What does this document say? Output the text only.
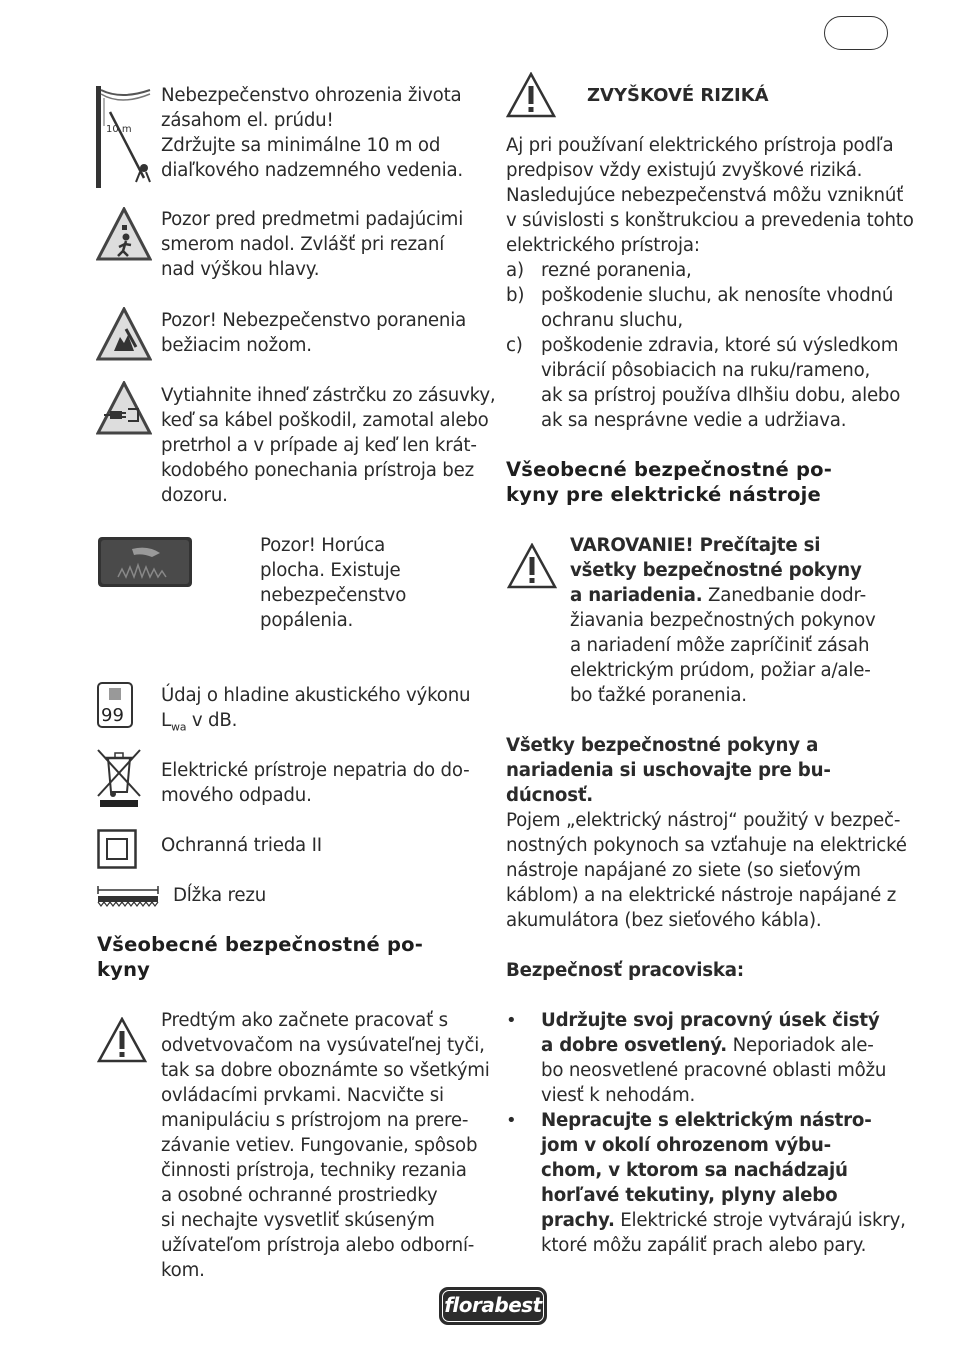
10 m
Nebezpečenstvo ohrozenia života
zásahom el. prúdu!
Zdržujte sa minimálne 10 m od
diaľkového nadzemného vedenia.
Pozor pred predmetmi padajúcimi
smerom nadol. Zvlášť pri rezaní
nad výškou hlavy.
Pozor! Nebezpečenstvo poranenia
bežiacim nožom.
Vytiahnite ihneď zástrčku zo zásuvky,
keď sa kábel poškodil, zamotal alebo
pretrhol a v prípade aj keď len krát-
kodobého ponechania prístroja bez
dozoru.
Pozor! Horúca
plocha. Existuje
nebezpečenstvo
popálenia.
99
Údaj o hladine akustického výkonu
$L_{wa}$ v dB.
Elektrické prístroje nepatria do do-
mového odpadu.
Ochranná trieda II
Dĺžka rezu
Všeobecné bezpečnostné po-
kyny
Predtým ako začnete pracovať s
odvetvovačom na vysúvateľnej tyči,
tak sa dobre oboznámte so všetkými
ovládacími prvkami. Nacvičte si
manipuláciu s prístrojom na prere-
závanie vetiev. Fungovanie, spôsob
činnosti prístroja, techniky rezania
a osobné ochranné prostriedky
si nechajte vysvetliť skúseným
užívateľom prístroja alebo odborní-
kom.
ZVYŠKOVÉ RIZIKÁ
Aj pri používaní elektrického prístroja podľa
predpisov vždy existujú zvyškové riziká.
Nasledujúce nebezpečenstvá môžu vzniknúť
v súvislosti s konštrukciou a prevedenia tohto
elektrického prístroja:
a) rezné poranenia,
b) poškodenie sluchu, ak nenosíte vhodnú
ochranu sluchu,
c) poškodenie zdravia, ktoré sú výsledkom
vibrácií pôsobiacich na ruku/rameno,
ak sa prístroj používa dlhšiu dobu, alebo
ak sa nesprávne vedie a udržiava.
Všeobecné bezpečnostné po-
kyny pre elektrické nástroje
VAROVANIE! Prečítajte si
všetky bezpečnostné pokyny
a nariadenia. Zanedbanie dodr-
žiavania bezpečnostných pokynov
a nariadení môže zapríčiniť zásah
elektrickým prúdom, požiar a/ale-
bo ťažké poranenia.
Všetky bezpečnostné pokyny a
nariadenia si uschovajte pre bu-
dúcnosť.
Pojem „elektrický nástroj“ použitý v bezpeč-
nostných pokynoch sa vzťahuje na elektrické
nástroje napájané zo siete (so sieťovým
káblom) a na elektrické nástroje napájané z
akumulátora (bez sieťového kábla).
Bezpečnosť pracoviska:
• Udržujte svoj pracovný úsek čistý
a dobre osvetlený. Neporiadok ale-
bo neosvetlené pracovné oblasti môžu
viesť k nehodám.
• Nepracujte s elektrickým nástro-
jom v okolí ohrozenom výbu-
chom, v ktorom sa nachádzajú
horľavé tekutiny, plyny alebo
prachy. Elektrické stroje vytvárajú iskry,
ktoré môžu zapáliť prach alebo pary.
florabest
